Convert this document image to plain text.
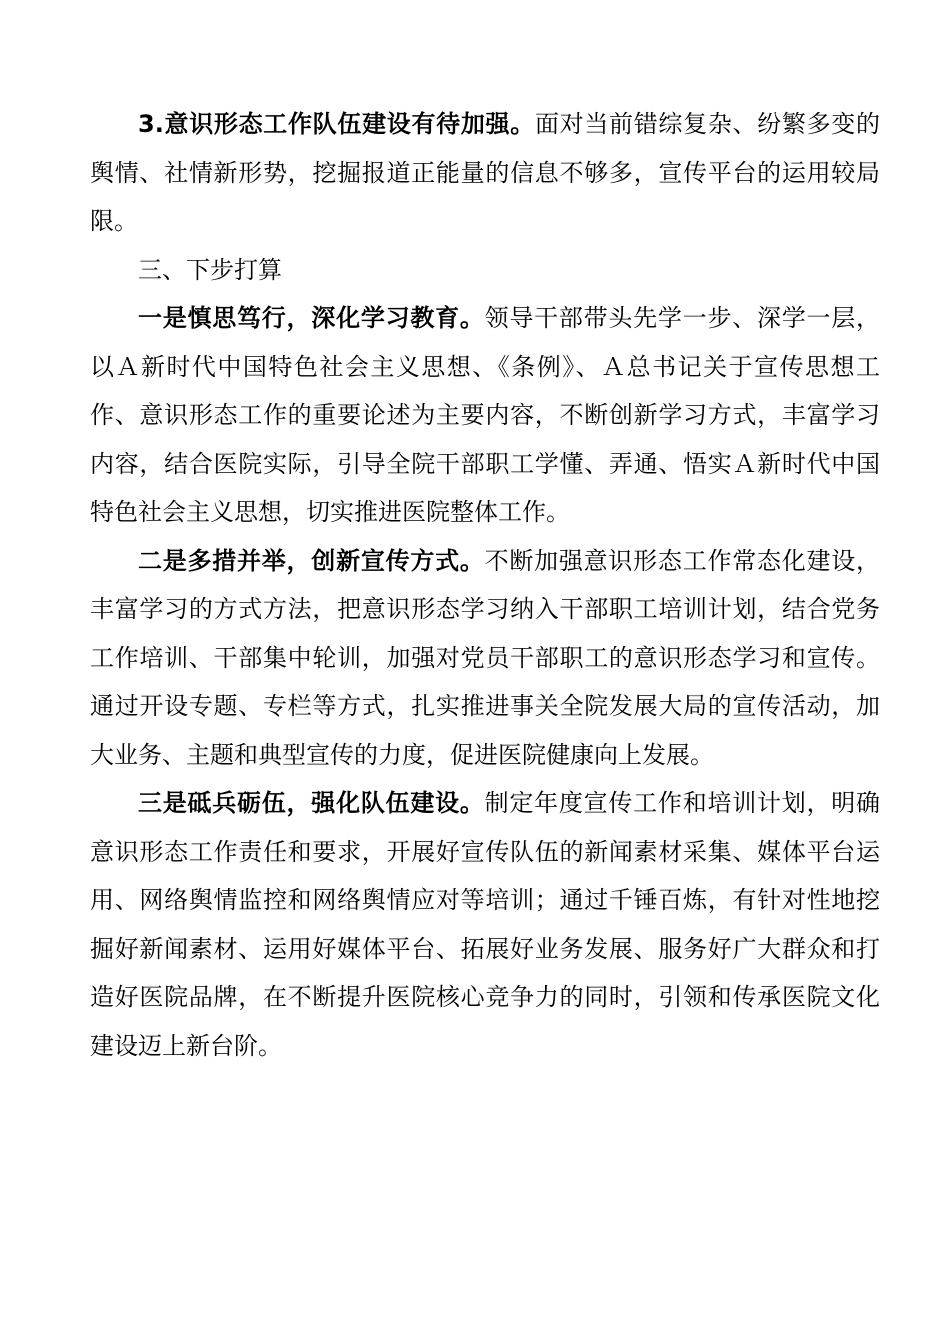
3.意识形态工作队伍建设有待加强。面对当前错综复杂、纷繁多变的舆情、社情新形势，挖掘报道正能量的信息不够多，宣传平台的运用较局限。

三、下步打算

一是慎思笃行，深化学习教育。领导干部带头先学一步、深学一层，以Ａ新时代中国特色社会主义思想、《条例》、Ａ总书记关于宣传思想工作、意识形态工作的重要论述为主要内容，不断创新学习方式，丰富学习内容，结合医院实际，引导全院干部职工学懂、弄通、悟实Ａ新时代中国特色社会主义思想，切实推进医院整体工作。

二是多措并举，创新宣传方式。不断加强意识形态工作常态化建设，丰富学习的方式方法，把意识形态学习纳入干部职工培训计划，结合党务工作培训、干部集中轮训，加强对党员干部职工的意识形态学习和宣传。通过开设专题、专栏等方式，扎实推进事关全院发展大局的宣传活动，加大业务、主题和典型宣传的力度，促进医院健康向上发展。

三是砥兵砺伍，强化队伍建设。制定年度宣传工作和培训计划，明确意识形态工作责任和要求，开展好宣传队伍的新闻素材采集、媒体平台运用、网络舆情监控和网络舆情应对等培训；通过千锤百炼，有针对性地挖掘好新闻素材、运用好媒体平台、拓展好业务发展、服务好广大群众和打造好医院品牌，在不断提升医院核心竞争力的同时，引领和传承医院文化建设迈上新台阶。
